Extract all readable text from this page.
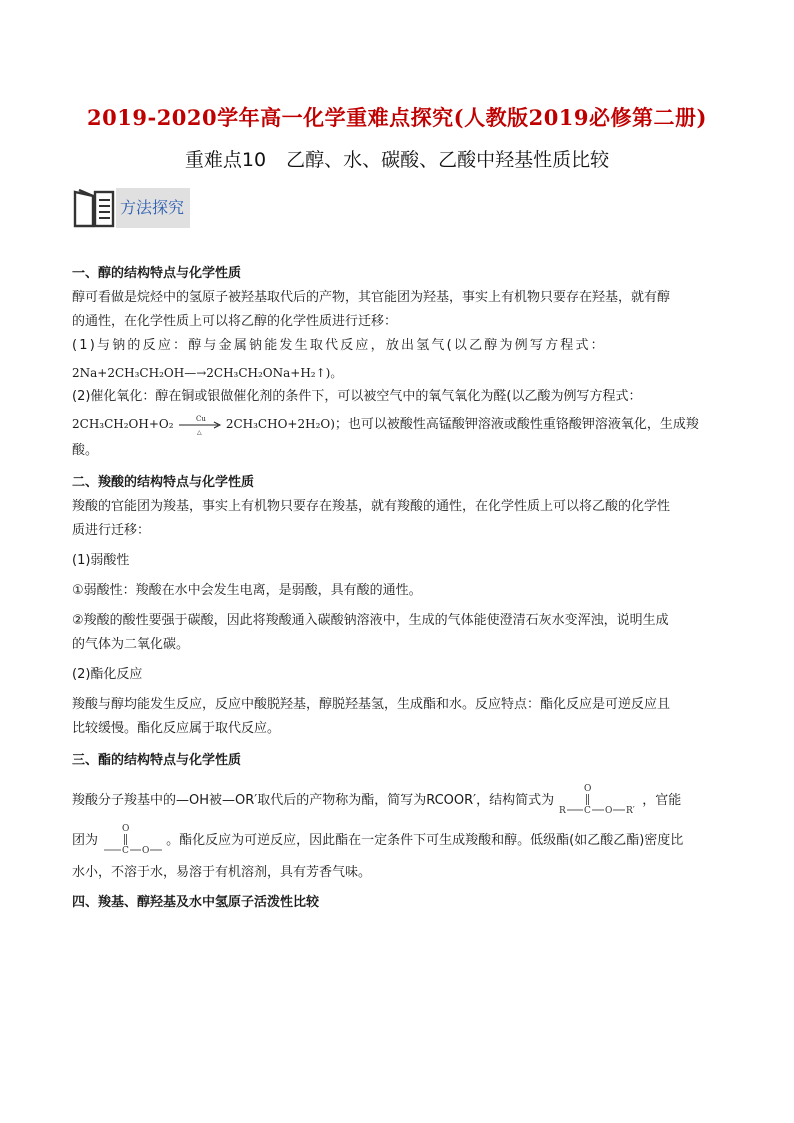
2019-2020学年高一化学重难点探究(人教版2019必修第二册)
重难点10 乙醇、水、碳酸、乙酸中羟基性质比较
方法探究
一、醇的结构特点与化学性质
醇可看做是烷烃中的氢原子被羟基取代后的产物，其官能团为羟基，事实上有机物只要存在羟基，就有醇
的通性，在化学性质上可以将乙醇的化学性质进行迁移：
(1)与钠的反应：醇与金属钠能发生取代反应，放出氢气(以乙醇为例写方程式：
2Na+2CH₃CH₂OH—→2CH₃CH₂ONa+H₂↑)。
(2)催化氧化：醇在铜或银做催化剂的条件下，可以被空气中的氧气氧化为醛(以乙酸为例写方程式：
2CH₃CH₂OH+O₂	Cu
△
2CH₃CHO+2H₂O)；也可以被酸性高锰酸钾溶液或酸性重铬酸钾溶液氧化，生成羧
酸。
二、羧酸的结构特点与化学性质
羧酸的官能团为羧基，事实上有机物只要存在羧基，就有羧酸的通性，在化学性质上可以将乙酸的化学性
质进行迁移：
(1)弱酸性
①弱酸性：羧酸在水中会发生电离，是弱酸，具有酸的通性。
②羧酸的酸性要强于碳酸，因此将羧酸通入碳酸钠溶液中，生成的气体能使澄清石灰水变浑浊，说明生成
的气体为二氧化碳。
(2)酯化反应
羧酸与醇均能发生反应，反应中酸脱羟基，醇脱羟基氢，生成酯和水。反应特点：酯化反应是可逆反应且
比较缓慢。酯化反应属于取代反应。
三、酯的结构特点与化学性质
羧酸分子羧基中的—OH被—OR′取代后的产物称为酯，简写为RCOOR′，结构简式为
O
R C O R′
，官能
团为
O
C O
。酯化反应为可逆反应，因此酯在一定条件下可生成羧酸和醇。低级酯(如乙酸乙酯)密度比
水小，不溶于水，易溶于有机溶剂，具有芳香气味。
四、羧基、醇羟基及水中氢原子活泼性比较
